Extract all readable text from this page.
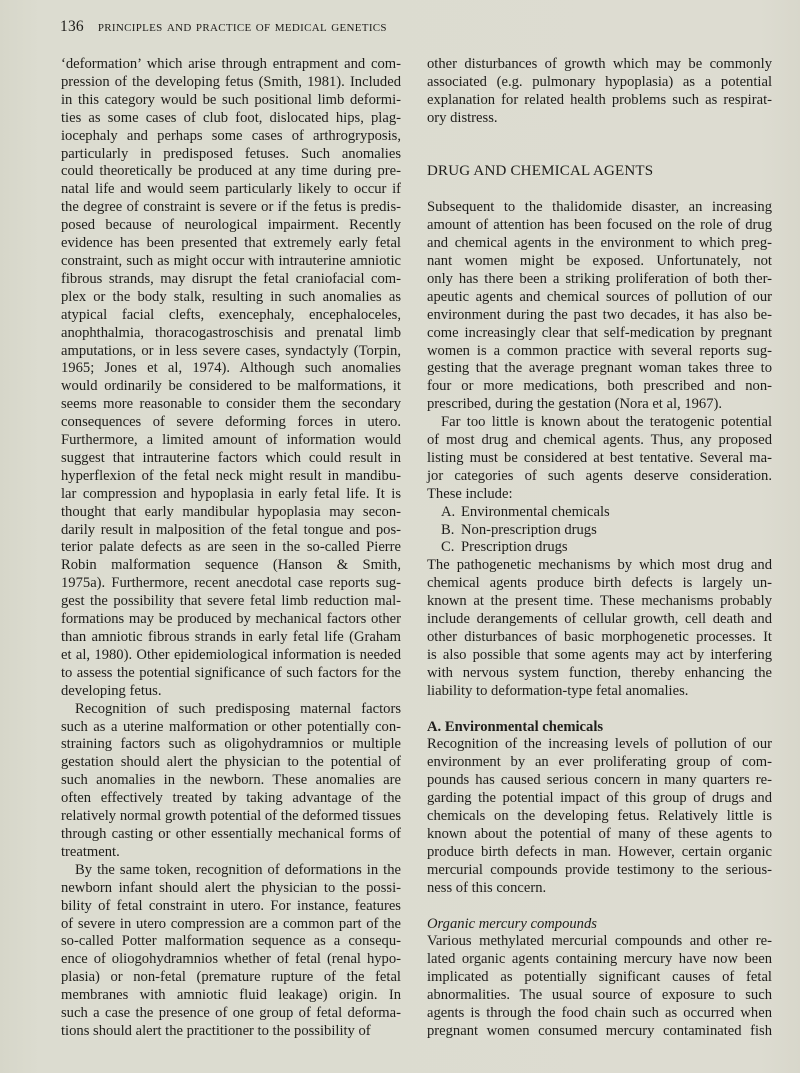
136 principles and practice of medical genetics
‘deformation’ which arise through entrapment and com-
pression of the developing fetus (Smith, 1981). Included
in this category would be such positional limb deformi-
ties as some cases of club foot, dislocated hips, plag-
iocephaly and perhaps some cases of arthrogryposis,
particularly in predisposed fetuses. Such anomalies
could theoretically be produced at any time during pre-
natal life and would seem particularly likely to occur if
the degree of constraint is severe or if the fetus is predis-
posed because of neurological impairment. Recently
evidence has been presented that extremely early fetal
constraint, such as might occur with intrauterine amniotic
fibrous strands, may disrupt the fetal craniofacial com-
plex or the body stalk, resulting in such anomalies as
atypical facial clefts, exencephaly, encephaloceles,
anophthalmia, thoracogastroschisis and prenatal limb
amputations, or in less severe cases, syndactyly (Torpin,
1965; Jones et al, 1974). Although such anomalies
would ordinarily be considered to be malformations, it
seems more reasonable to consider them the secondary
consequences of severe deforming forces in utero.
Furthermore, a limited amount of information would
suggest that intrauterine factors which could result in
hyperflexion of the fetal neck might result in mandibu-
lar compression and hypoplasia in early fetal life. It is
thought that early mandibular hypoplasia may secon-
darily result in malposition of the fetal tongue and pos-
terior palate defects as are seen in the so-called Pierre
Robin malformation sequence (Hanson & Smith,
1975a). Furthermore, recent anecdotal case reports sug-
gest the possibility that severe fetal limb reduction mal-
formations may be produced by mechanical factors other
than amniotic fibrous strands in early fetal life (Graham
et al, 1980). Other epidemiological information is needed
to assess the potential significance of such factors for the
developing fetus.
Recognition of such predisposing maternal factors
such as a uterine malformation or other potentially con-
straining factors such as oligohydramnios or multiple
gestation should alert the physician to the potential of
such anomalies in the newborn. These anomalies are
often effectively treated by taking advantage of the
relatively normal growth potential of the deformed tissues
through casting or other essentially mechanical forms of
treatment.
By the same token, recognition of deformations in the
newborn infant should alert the physician to the possi-
bility of fetal constraint in utero. For instance, features
of severe in utero compression are a common part of the
so-called Potter malformation sequence as a consequ-
ence of oliogohydramnios whether of fetal (renal hypo-
plasia) or non-fetal (premature rupture of the fetal
membranes with amniotic fluid leakage) origin. In
such a case the presence of one group of fetal deforma-
tions should alert the practitioner to the possibility of
other disturbances of growth which may be commonly
associated (e.g. pulmonary hypoplasia) as a potential
explanation for related health problems such as respirat-
ory distress.
DRUG AND CHEMICAL AGENTS
Subsequent to the thalidomide disaster, an increasing
amount of attention has been focused on the role of drug
and chemical agents in the environment to which preg-
nant women might be exposed. Unfortunately, not
only has there been a striking proliferation of both ther-
apeutic agents and chemical sources of pollution of our
environment during the past two decades, it has also be-
come increasingly clear that self-medication by pregnant
women is a common practice with several reports sug-
gesting that the average pregnant woman takes three to
four or more medications, both prescribed and non-
prescribed, during the gestation (Nora et al, 1967).
Far too little is known about the teratogenic potential
of most drug and chemical agents. Thus, any proposed
listing must be considered at best tentative. Several ma-
jor categories of such agents deserve consideration.
These include:
A. Environmental chemicals
B. Non-prescription drugs
C. Prescription drugs
The pathogenetic mechanisms by which most drug and
chemical agents produce birth defects is largely un-
known at the present time. These mechanisms probably
include derangements of cellular growth, cell death and
other disturbances of basic morphogenetic processes. It
is also possible that some agents may act by interfering
with nervous system function, thereby enhancing the
liability to deformation-type fetal anomalies.
A. Environmental chemicals
Recognition of the increasing levels of pollution of our
environment by an ever proliferating group of com-
pounds has caused serious concern in many quarters re-
garding the potential impact of this group of drugs and
chemicals on the developing fetus. Relatively little is
known about the potential of many of these agents to
produce birth defects in man. However, certain organic
mercurial compounds provide testimony to the serious-
ness of this concern.
Organic mercury compounds
Various methylated mercurial compounds and other re-
lated organic agents containing mercury have now been
implicated as potentially significant causes of fetal
abnormalities. The usual source of exposure to such
agents is through the food chain such as occurred when
pregnant women consumed mercury contaminated fish
